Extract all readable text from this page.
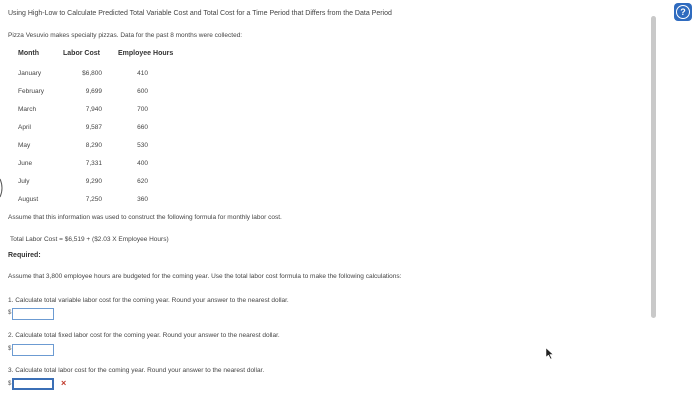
Using High-Low to Calculate Predicted Total Variable Cost and Total Cost for a Time Period that Differs from the Data Period
Pizza Vesuvio makes specialty pizzas. Data for the past 8 months were collected:
Month	Labor Cost	Employee Hours
January	$6,800	410
February	9,699	600
March	7,940	700
April	9,587	660
May	8,290	530
June	7,331	400
July	9,290	620
August	7,250	360
Assume that this information was used to construct the following formula for monthly labor cost.
Total Labor Cost = $6,519 + ($2.03 X Employee Hours)
Required:
Assume that 3,800 employee hours are budgeted for the coming year. Use the total labor cost formula to make the following calculations:
1. Calculate total variable labor cost for the coming year. Round your answer to the nearest dollar.
$
2. Calculate total fixed labor cost for the coming year. Round your answer to the nearest dollar.
$
3. Calculate total labor cost for the coming year. Round your answer to the nearest dollar.
$	×
?
